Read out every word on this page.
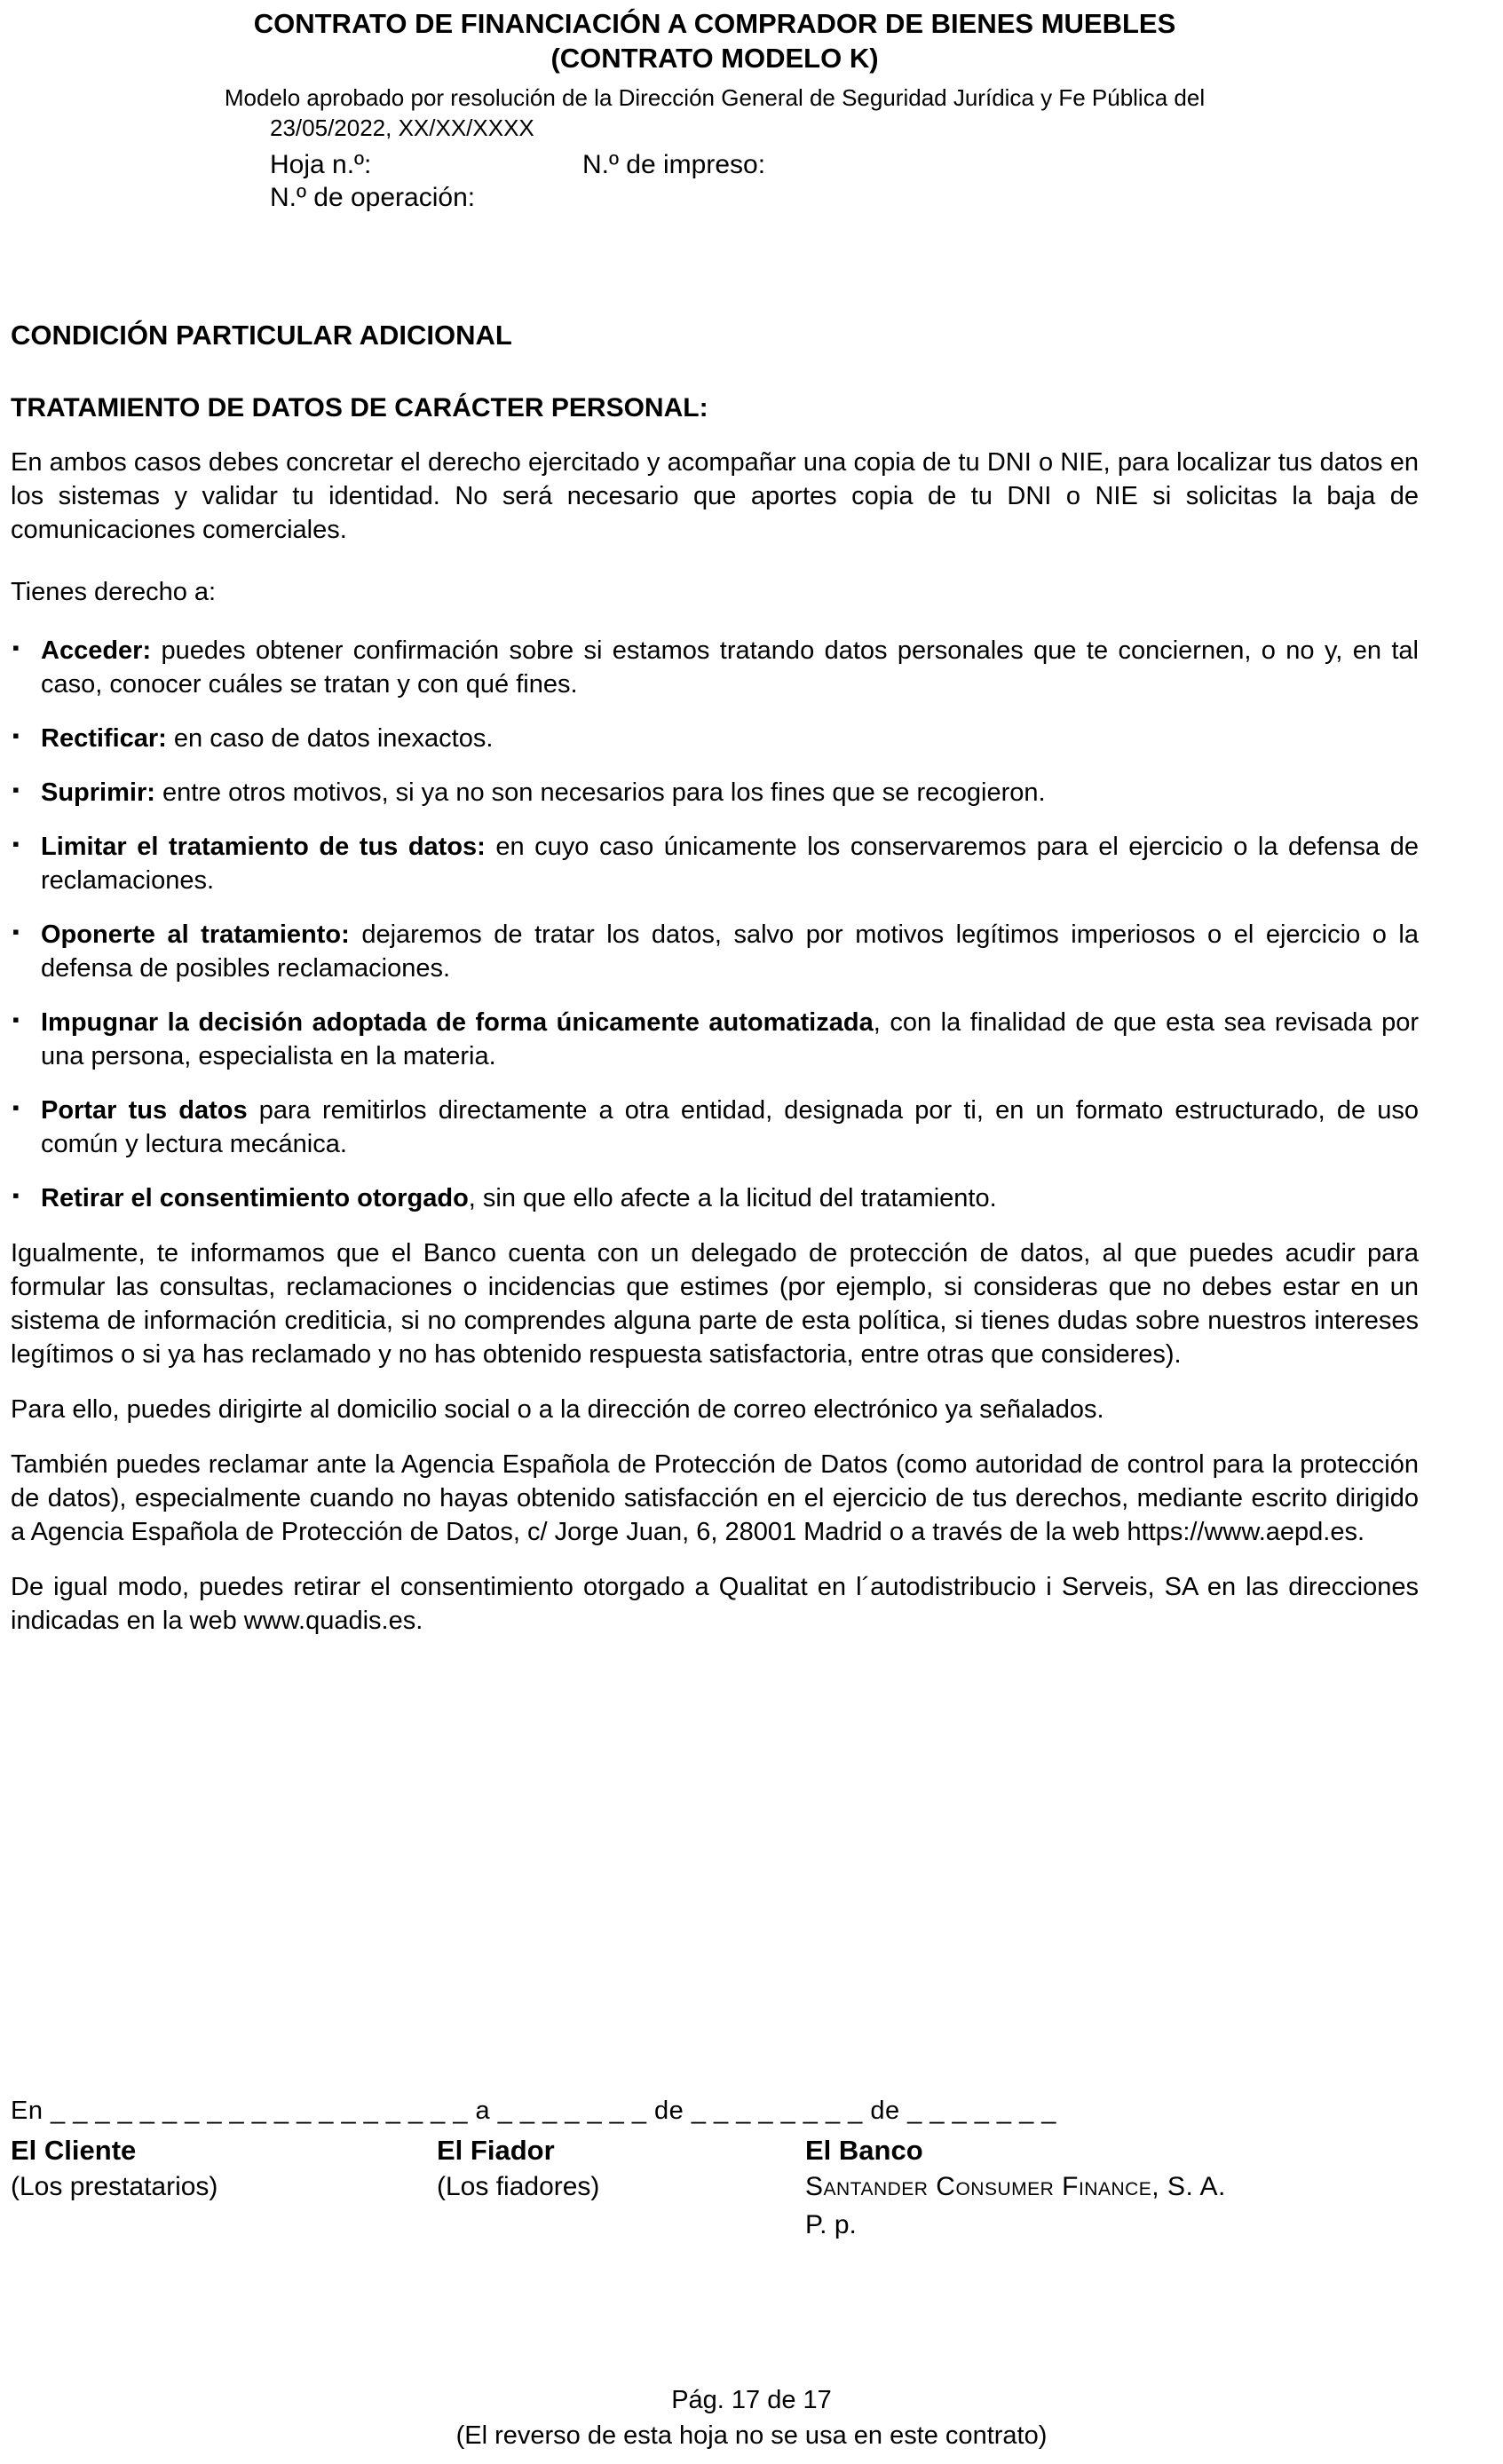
CONTRATO DE FINANCIACIÓN A COMPRADOR DE BIENES MUEBLES
(CONTRATO MODELO K)
Modelo aprobado por resolución de la Dirección General de Seguridad Jurídica y Fe Pública del
23/05/2022, XX/XX/XXXX
Hoja n.º:	N.º de impreso:
N.º de operación:
CONDICIÓN PARTICULAR ADICIONAL
TRATAMIENTO DE DATOS DE CARÁCTER PERSONAL:
En ambos casos debes concretar el derecho ejercitado y acompañar una copia de tu DNI o NIE, para localizar tus datos en los sistemas y validar tu identidad. No será necesario que aportes copia de tu DNI o NIE si solicitas la baja de comunicaciones comerciales.
Tienes derecho a:
▪ Acceder: puedes obtener confirmación sobre si estamos tratando datos personales que te conciernen, o no y, en tal caso, conocer cuáles se tratan y con qué fines.
▪ Rectificar: en caso de datos inexactos.
▪ Suprimir: entre otros motivos, si ya no son necesarios para los fines que se recogieron.
▪ Limitar el tratamiento de tus datos: en cuyo caso únicamente los conservaremos para el ejercicio o la defensa de reclamaciones.
▪ Oponerte al tratamiento: dejaremos de tratar los datos, salvo por motivos legítimos imperiosos o el ejercicio o la defensa de posibles reclamaciones.
▪ Impugnar la decisión adoptada de forma únicamente automatizada, con la finalidad de que esta sea revisada por una persona, especialista en la materia.
▪ Portar tus datos para remitirlos directamente a otra entidad, designada por ti, en un formato estructurado, de uso común y lectura mecánica.
▪ Retirar el consentimiento otorgado, sin que ello afecte a la licitud del tratamiento.
Igualmente, te informamos que el Banco cuenta con un delegado de protección de datos, al que puedes acudir para formular las consultas, reclamaciones o incidencias que estimes (por ejemplo, si consideras que no debes estar en un sistema de información crediticia, si no comprendes alguna parte de esta política, si tienes dudas sobre nuestros intereses legítimos o si ya has reclamado y no has obtenido respuesta satisfactoria, entre otras que consideres).
Para ello, puedes dirigirte al domicilio social o a la dirección de correo electrónico ya señalados.
También puedes reclamar ante la Agencia Española de Protección de Datos (como autoridad de control para la protección de datos), especialmente cuando no hayas obtenido satisfacción en el ejercicio de tus derechos, mediante escrito dirigido a Agencia Española de Protección de Datos, c/ Jorge Juan, 6, 28001 Madrid o a través de la web https://www.aepd.es.
De igual modo, puedes retirar el consentimiento otorgado a Qualitat en l´autodistribucio i Serveis, SA en las direcciones indicadas en la web www.quadis.es.
En _ _ _ _ _ _ _ _ _ _ _ _ _ _ _ _ _ _ _ a _ _ _ _ _ _ _ de _ _ _ _ _ _ _ _ de _ _ _ _ _ _ _
El Cliente
(Los prestatarios)
El Fiador
(Los fiadores)
El Banco
Santander Consumer Finance, S. A.
P. p.
Pág. 17 de 17
(El reverso de esta hoja no se usa en este contrato)
